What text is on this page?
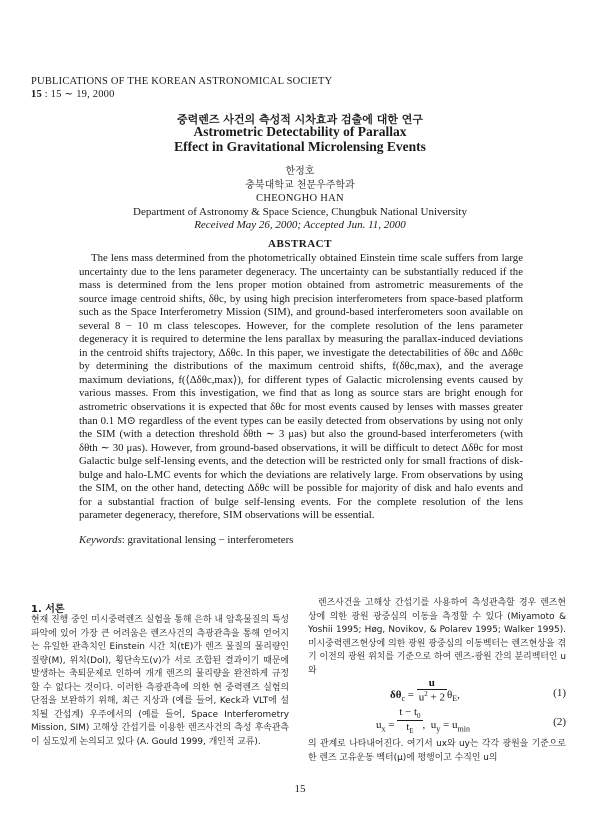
PUBLICATIONS OF THE KOREAN ASTRONOMICAL SOCIETY
15 : 15 ∼ 19, 2000
중력렌즈 사건의 측성적 시차효과 검출에 대한 연구
Astrometric Detectability of Parallax
Effect in Gravitational Microlensing Events
한정호
충북대학교 천문우주학과
CHEONGHO HAN
Department of Astronomy & Space Science, Chungbuk National University
Received May 26, 2000; Accepted Jun. 11, 2000
ABSTRACT
The lens mass determined from the photometrically obtained Einstein time scale suffers from large uncertainty due to the lens parameter degeneracy. The uncertainty can be substantially reduced if the mass is determined from the lens proper motion obtained from astrometric measurements of the source image centroid shifts, δθc, by using high precision interferometers from space-based platform such as the Space Interferometry Mission (SIM), and ground-based interferometers soon available on several 8 − 10 m class telescopes. However, for the complete resolution of the lens parameter degeneracy it is required to determine the lens parallax by measuring the parallax-induced deviations in the centroid shifts trajectory, Δδθc. In this paper, we investigate the detectabilities of δθc and Δδθc by determining the distributions of the maximum centroid shifts, f(δθc,max), and the average maximum deviations, f(⟨Δδθc,max⟩), for different types of Galactic microlensing events caused by various masses. From this investigation, we find that as long as source stars are bright enough for astrometric observations it is expected that δθc for most events caused by lenses with masses greater than 0.1 M⊙ regardless of the event types can be easily detected from observations by using not only the SIM (with a detection threshold δθth ∼ 3 μas) but also the ground-based interferometers (with δθth ∼ 30 μas). However, from ground-based observations, it will be difficult to detect Δδθc for most Galactic bulge self-lensing events, and the detection will be restricted only for small fractions of disk-bulge and halo-LMC events for which the deviations are relatively large. From observations by using the SIM, on the other hand, detecting Δδθc will be possible for majority of disk and halo events and for a substantial fraction of bulge self-lensing events. For the complete resolution of the lens parameter degeneracy, therefore, SIM observations will be essential.
Keywords: gravitational lensing − interferometers
1. 서론
현재 진행 중인 미시중력렌즈 실험을 통해 은하 내 암흑물질의 특성파악에 있어 가장 큰 어려움은 렌즈사건의 측광관측을 통해 얻어지는 유일한 관측치인 Einstein 시간 치(tE)가 렌즈 물질의 물리량인 질량(M), 위치(Dol), 횡단속도(v)가 서로 조합된 결과이기 때문에 발생하는 축퇴문제로 인하여 개개 렌즈의 물리량을 완전하게 규정할 수 없다는 것이다. 이러한 측광관측에 의한 현 중력렌즈 실험의 단점을 보완하기 위해, 최근 지상과 (예를 들어, Keck과 VLT에 설치될 간섭계) 우주에서의 (예를 들어, Space Interferometry Mission, SIM) 고해상 간섭기를 이용한 렌즈사건의 측성 후속관측이 심도있게 논의되고 있다 (A. Gould 1999, 개인적 교류).
렌즈사건을 고해상 간섭기를 사용하여 측성관측할 경우 렌즈현상에 의한 광원 광중심의 이동을 측정할 수 있다 (Miyamoto & Yoshii 1995; Høg, Novikov, & Polarev 1995; Walker 1995). 미시중력렌즈현상에 의한 광원 광중심의 이동벡터는 렌즈현상을 겪기 이전의 광원 위치를 기준으로 하여 렌즈-광원 간의 분리벡터인 u와
$\delta\theta_c = \frac{u}{u^2 + 2} \theta_E$,	(1)
$u_x = \frac{t - t_0}{t_E}$ ,  $u_y = u_{min}$
(2)
의 관계로 나타내어진다. 여기서 ux와 uy는 각각 광원을 기준으로한 렌즈 고유운동 벡터(μ)에 평행이고 수직인 u의
15
